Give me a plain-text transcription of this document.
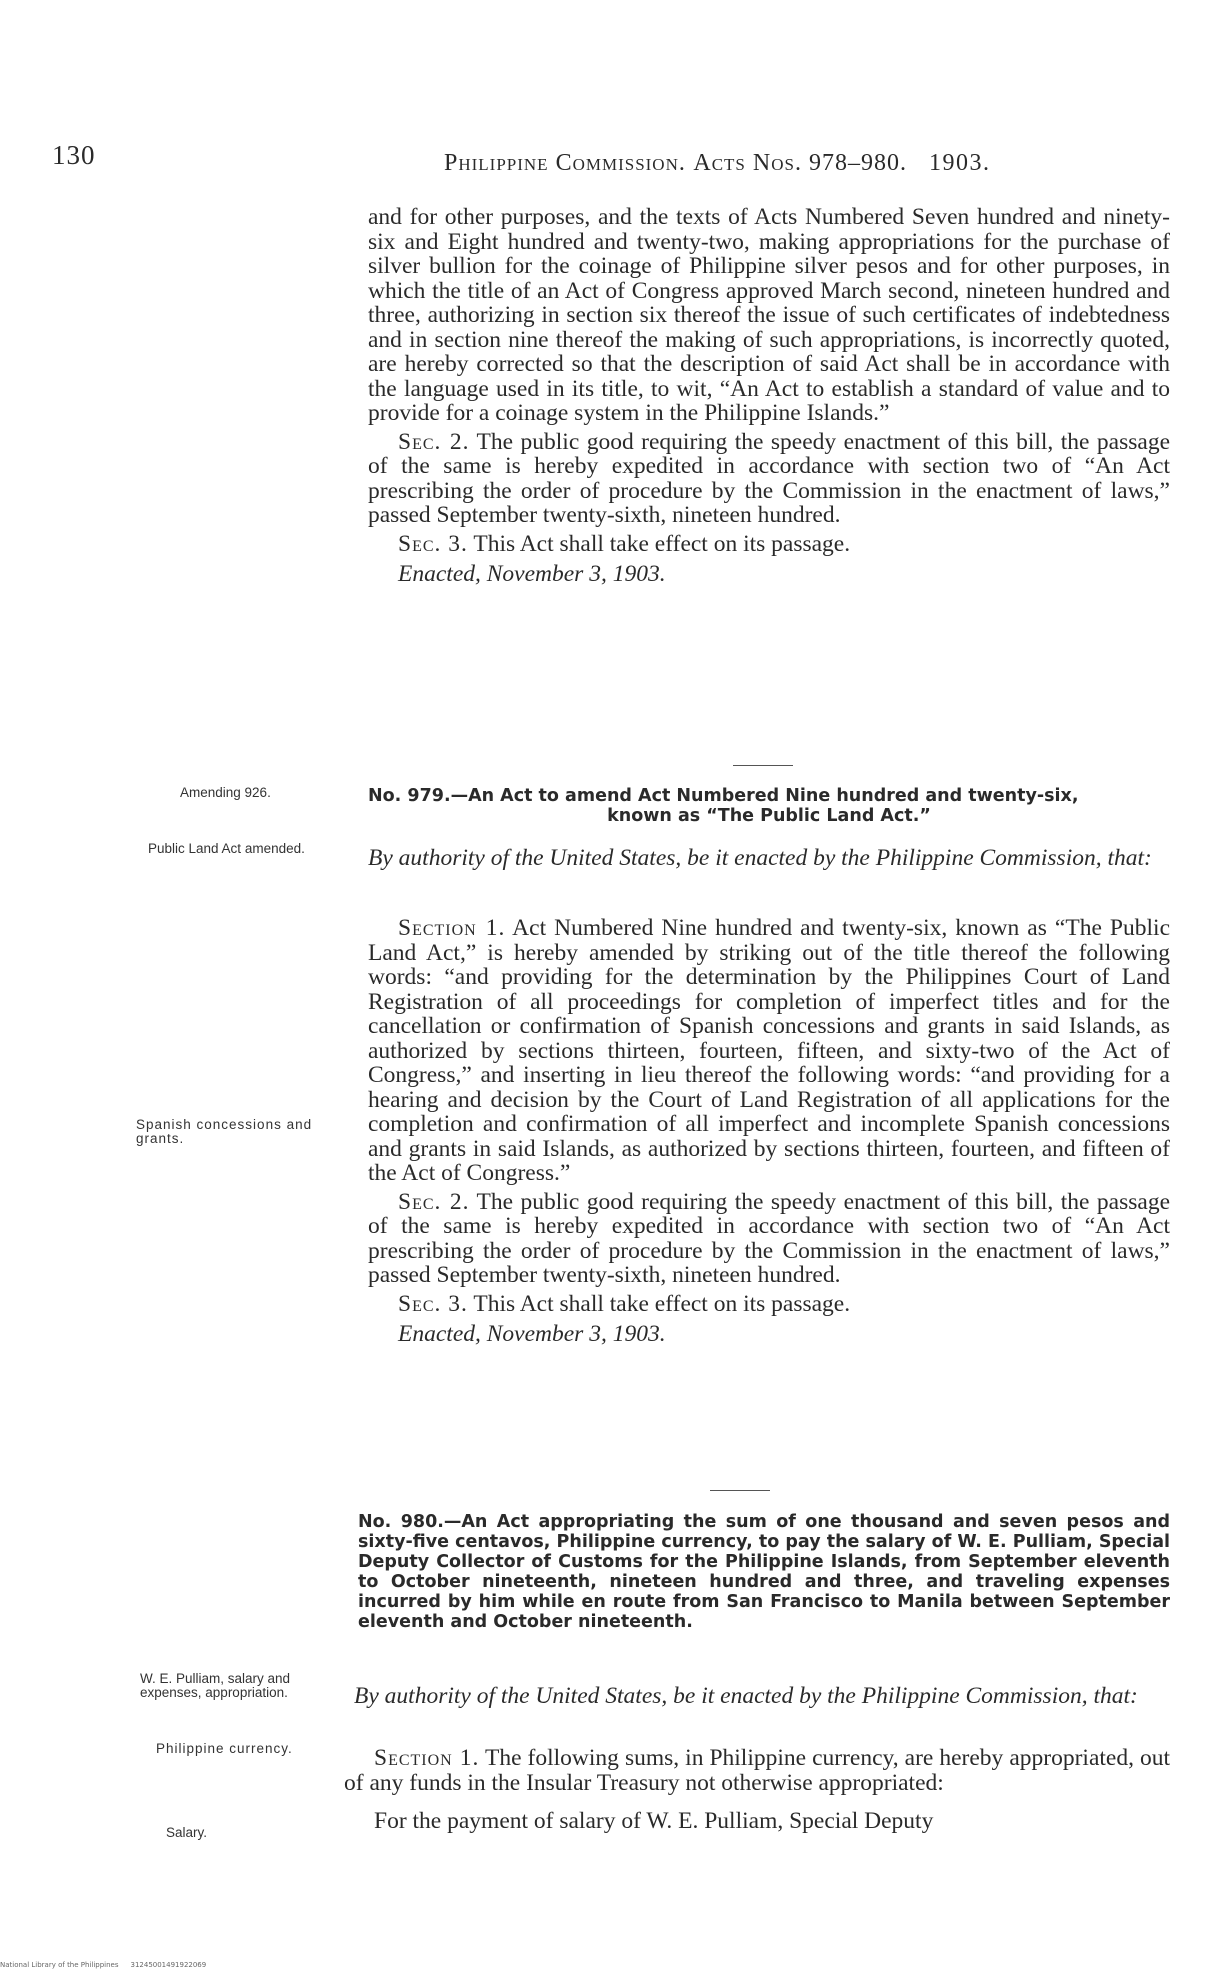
130	Philippine Commission. Acts Nos. 978–980. 1903.

and for other purposes, and the texts of Acts Numbered Seven hundred and ninety-six and Eight hundred and twenty-two, making appropriations for the purchase of silver bullion for the coinage of Philippine silver pesos and for other purposes, in which the title of an Act of Congress approved March second, nineteen hundred and three, authorizing in section six thereof the issue of such certificates of indebtedness and in section nine thereof the making of such appropriations, is incorrectly quoted, are hereby corrected so that the description of said Act shall be in accordance with the language used in its title, to wit, “An Act to establish a standard of value and to provide for a coinage system in the Philippine Islands.”

Sec. 2. The public good requiring the speedy enactment of this bill, the passage of the same is hereby expedited in accordance with section two of “An Act prescribing the order of procedure by the Commission in the enactment of laws,” passed September twenty-sixth, nineteen hundred.

Sec. 3. This Act shall take effect on its passage.

Enacted, November 3, 1903.

Amending 926.	No. 979.—An Act to amend Act Numbered Nine hundred and twenty-six,
known as “The Public Land Act.”
Public Land Act amended.	By authority of the United States, be it enacted by the Philippine Commission, that:

Section 1. Act Numbered Nine hundred and twenty-six, known as “The Public Land Act,” is hereby amended by striking out of the title thereof the following words: “and providing for the determination by the Philippines Court of Land Registration of all proceedings for completion of imperfect titles and for the cancellation or confirmation of Spanish concessions and grants in said Islands, as authorized by sections thirteen, fourteen, fifteen, and sixty-two of the Act of Congress,” and inserting in lieu thereof the following words: “and providing for a hearing and decision by the Court of Land Registration of all applications for the completion and confirmation of all imperfect and incomplete Spanish concessions and grants in said Islands, as authorized by sections thirteen, fourteen, and fifteen of the Act of Congress.”

Sec. 2. The public good requiring the speedy enactment of this bill, the passage of the same is hereby expedited in accordance with section two of “An Act prescribing the order of procedure by the Commission in the enactment of laws,” passed September twenty-sixth, nineteen hundred.

Sec. 3. This Act shall take effect on its passage.

Enacted, November 3, 1903.

Spanish concessions and grants.
No. 980.—An Act appropriating the sum of one thousand and seven pesos and sixty-five centavos, Philippine currency, to pay the salary of W. E. Pulliam, Special Deputy Collector of Customs for the Philippine Islands, from September eleventh to October nineteenth, nineteen hundred and three, and traveling expenses incurred by him while en route from San Francisco to Manila between September eleventh and October nineteenth.
W. E. Pulliam, salary and expenses, appropriation.	By authority of the United States, be it enacted by the Philippine Commission, that:
Philippine currency.	Section 1. The following sums, in Philippine currency, are hereby appropriated, out of any funds in the Insular Treasury not otherwise appropriated:

For the payment of salary of W. E. Pulliam, Special Deputy

Salary.
National Library of the Philippines 31245001491922069
